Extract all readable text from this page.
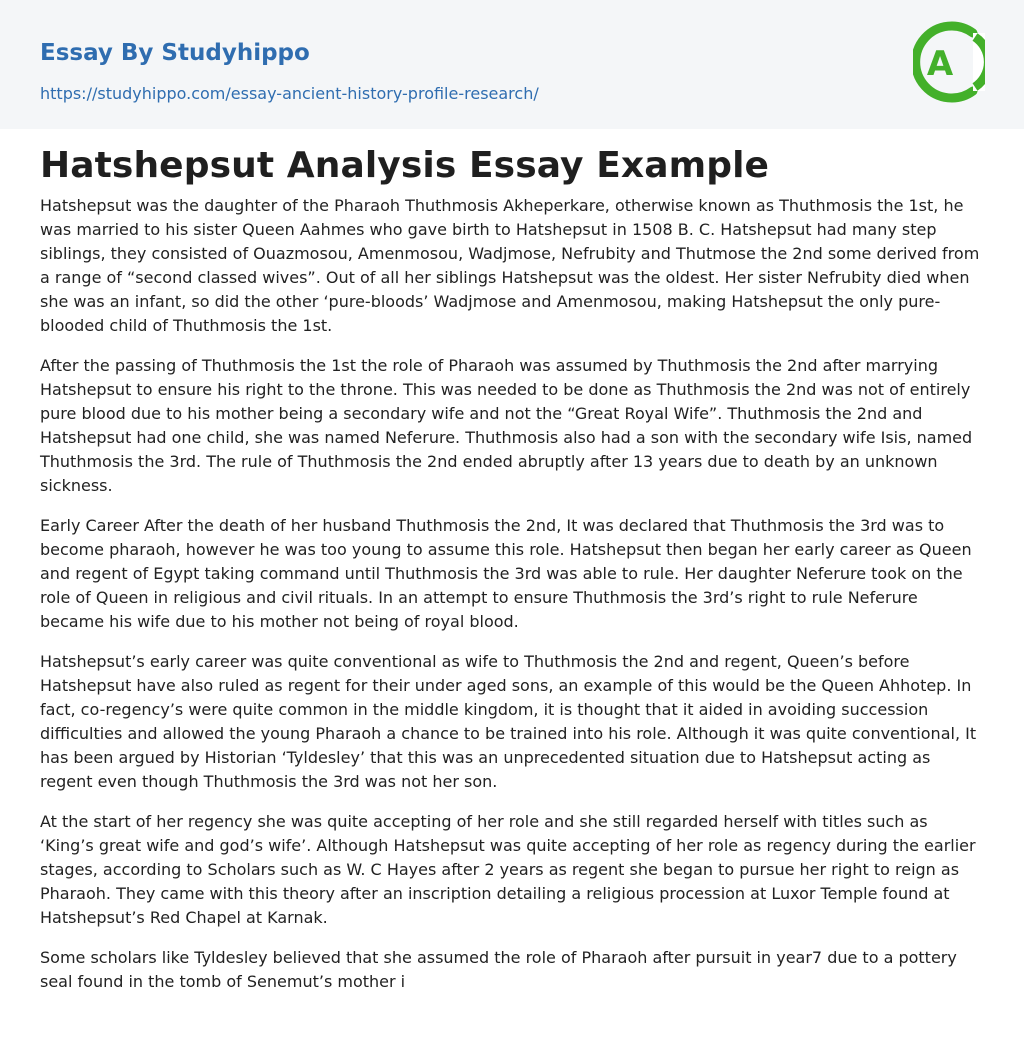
Essay By Studyhippo
https://studyhippo.com/essay-ancient-history-profile-research/
A
Hatshepsut Analysis Essay Example

Hatshepsut was the daughter of the Pharaoh Thuthmosis Akheperkare, otherwise known as Thuthmosis the 1st, he was married to his sister Queen Aahmes who gave birth to Hatshepsut in 1508 B. C. Hatshepsut had many step siblings, they consisted of Ouazmosou, Amenmosou, Wadjmose, Nefrubity and Thutmose the 2nd some derived from a range of “second classed wives”. Out of all her siblings Hatshepsut was the oldest. Her sister Nefrubity died when she was an infant, so did the other ‘pure-bloods’ Wadjmose and Amenmosou, making Hatshepsut the only pure-blooded child of Thuthmosis the 1st.

After the passing of Thuthmosis the 1st the role of Pharaoh was assumed by Thuthmosis the 2nd after marrying Hatshepsut to ensure his right to the throne. This was needed to be done as Thuthmosis the 2nd was not of entirely pure blood due to his mother being a secondary wife and not the “Great Royal Wife”. Thuthmosis the 2nd and Hatshepsut had one child, she was named Neferure. Thuthmosis also had a son with the secondary wife Isis, named Thuthmosis the 3rd. The rule of Thuthmosis the 2nd ended abruptly after 13 years due to death by an unknown sickness.

Early Career After the death of her husband Thuthmosis the 2nd, It was declared that Thuthmosis the 3rd was to become pharaoh, however he was too young to assume this role. Hatshepsut then began her early career as Queen and regent of Egypt taking command until Thuthmosis the 3rd was able to rule. Her daughter Neferure took on the role of Queen in religious and civil rituals. In an attempt to ensure Thuthmosis the 3rd’s right to rule Neferure became his wife due to his mother not being of royal blood.

Hatshepsut’s early career was quite conventional as wife to Thuthmosis the 2nd and regent, Queen’s before Hatshepsut have also ruled as regent for their under aged sons, an example of this would be the Queen Ahhotep. In fact, co-regency’s were quite common in the middle kingdom, it is thought that it aided in avoiding succession difficulties and allowed the young Pharaoh a chance to be trained into his role. Although it was quite conventional, It has been argued by Historian ‘Tyldesley’ that this was an unprecedented situation due to Hatshepsut acting as regent even though Thuthmosis the 3rd was not her son.

At the start of her regency she was quite accepting of her role and she still regarded herself with titles such as ‘King’s great wife and god’s wife’. Although Hatshepsut was quite accepting of her role as regency during the earlier stages, according to Scholars such as W. C Hayes after 2 years as regent she began to pursue her right to reign as Pharaoh. They came with this theory after an inscription detailing a religious procession at Luxor Temple found at Hatshepsut’s Red Chapel at Karnak.

Some scholars like Tyldesley believed that she assumed the role of Pharaoh after pursuit in year7 due to a pottery seal found in the tomb of Senemut’s mother i
